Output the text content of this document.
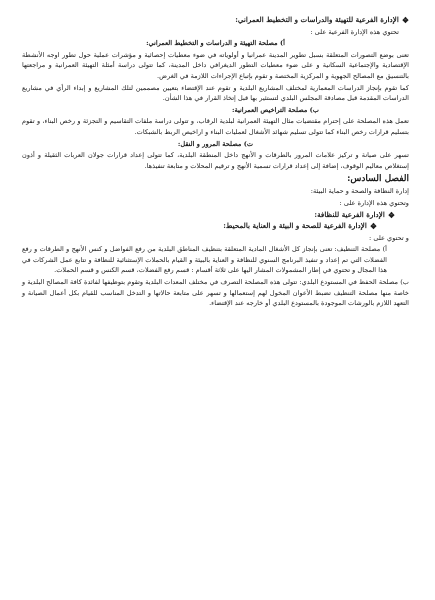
❖
الإدارة الفرعية للتهيئة والدراسات و التخطيط العمراني:
تحتوي هذه الإدارة الفرعية على :
أ) مصلحة التهيئة و الدراسات و التخطيط العمراني:
تعنى بوضع التصورات المتعلقة بسبل تطوير المدينة عمرانيا و أولوياته في ضوء معطيات إحصائية و مؤشرات عملية حول تطور اوجه الأنشطة الإقتصادية والإجتماعية السكانية و على ضوء معطيات التطور الديغرافي داخل المدينة، كما تتولى دراسة أمثلة التهيئة العمرانية و مراجعتها بالتنسيق مع المصالح الجهوية و المركزية المختصة و تقوم بإتباع الإجراءات اللازمة في الغرض.
كما تقوم بإنجاز الدراسات المعمارية لمختلف المشاريع البلدية و تقوم عند الإقتضاء بتعيين مصممين لتلك المشاريع و إبداء الرأي في مشاريع الدراسات المقدمة قبل مصادقة المجلس البلدي لتستئير بها قبل إتخاذ القرار في هذا الشأن.
ب) مصلحة التراخيص العمرانية:
تعمل هذه المصلحة على إحترام مقتضيات مثال التهيئة العمرانية لبلدية الرقاب، و تتولى دراسة ملفات التقاسيم و التجزئة و رخص البناء، و تقوم بتسليم قرارات رخص البناء كما تتولى تسليم شهائد الأشغال لعمليات البناء و اراخيص الربط بالشبكات.
ت) مصلحة المرور و النقل:
تسهر على صيانة و تركيز علامات المرور بالطرقات و الأنهج داخل المنطقة البلدية، كما تتولى إعداد قرارات جولان العربات الثقيلة و أذون إستغلاص معاليم الوقوف، إضافة إلى إعداد قرارات تسمية الأنهج و ترقيم المحلات و متابعة تنفيذها.
الفصل السادس:
إدارة النظافة والصحة و حماية البيئة:
وتحتوي هذه الإدارة على :
❖
الإدارة الفرعية للنظافة:
❖
الإدارة الفرعية للصحة و البيئة و العناية بالمحيط:
و تحتوي على :
أ) مصلحة التنظيف: تعنى بإنجاز كل الأشغال المادية المتعلقة بتنظيف المناطق البلدية من رفع الفواضل و كنس الأنهج و الطرقات و رفع الفضلات التي تم إعداد و تنفيذ البرنامج السنوي للنظافة و العناية بالبيئة و القيام بالحملات الإستثنائية للنظافة و تتابع عمل الشركات في هذا المجال و تحتوي في إطار المشمولات المشار اليها على ثلاثة أقسام : قسم رفع الفضلات، قسم الكنس و قسم الحملات.
ب) مصلحة الحفظ في المستودع البلدي: تتولى هذه المصلحة التصرف في مختلف المعدات البلدية وتقوم بتوظيفها لفائدة كافة المصالح البلدية و خاصة منها مصلحة التنظيف تضبط الأعوان المخول لهم إستعمالها و تسهر على متابعة حالاتها و التدخل المناسب للقيام بكل أعمال الصيانة و التعهد اللازم بالورشات الموجودة بالمستودع البلدي أو خارجه عند الإقتضاء.
